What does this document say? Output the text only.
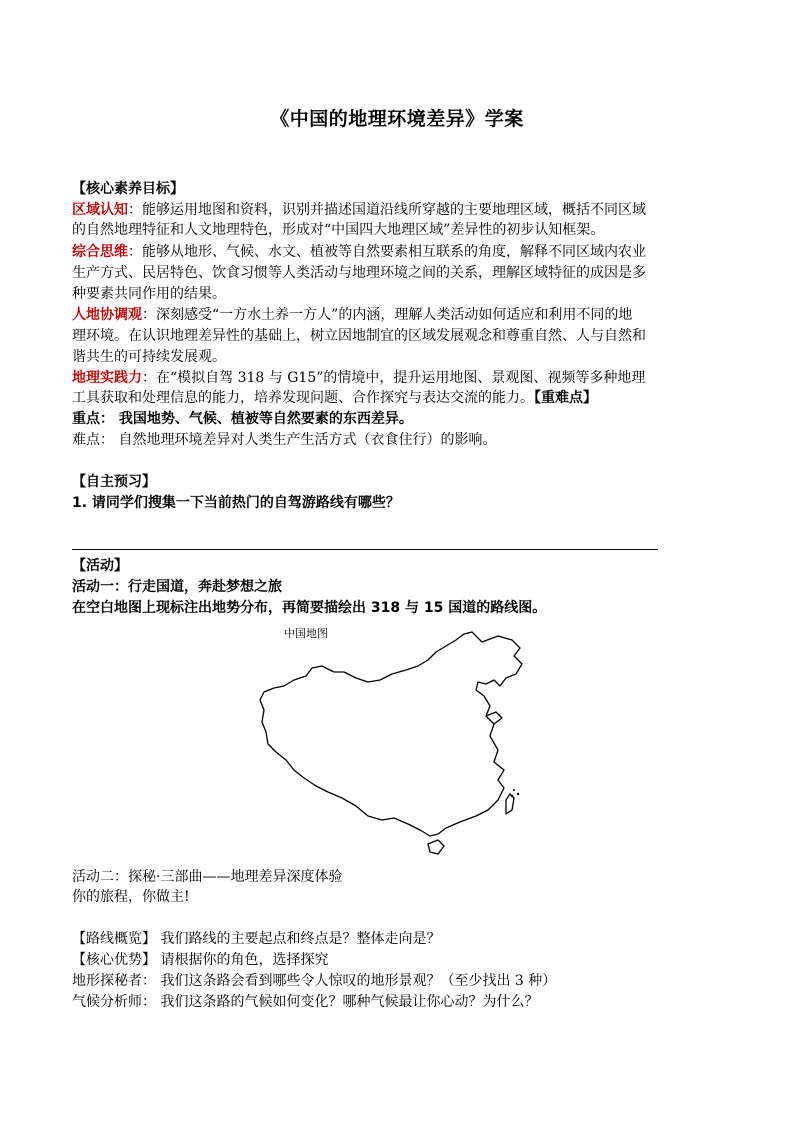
《中国的地理环境差异》学案
【核心素养目标】
区域认知：能够运用地图和资料，识别并描述国道沿线所穿越的主要地理区域，概括不同区域
的自然地理特征和人文地理特色，形成对“中国四大地理区域”差异性的初步认知框架。
综合思维：能够从地形、气候、水文、植被等自然要素相互联系的角度，解释不同区域内农业
生产方式、民居特色、饮食习惯等人类活动与地理环境之间的关系，理解区域特征的成因是多
种要素共同作用的结果。
人地协调观：深刻感受“一方水土养一方人”的内涵，理解人类活动如何适应和利用不同的地
理环境。在认识地理差异性的基础上，树立因地制宜的区域发展观念和尊重自然、人与自然和
谐共生的可持续发展观。
地理实践力：在“模拟自驾 318 与 G15”的情境中，提升运用地图、景观图、视频等多种地理
工具获取和处理信息的能力，培养发现问题、合作探究与表达交流的能力。【重难点】
重点： 我国地势、气候、植被等自然要素的东西差异。
难点： 自然地理环境差异对人类生产生活方式（衣食住行）的影响。
【自主预习】
1. 请同学们搜集一下当前热门的自驾游路线有哪些？
【活动】
活动一：行走国道，奔赴梦想之旅
在空白地图上现标注出地势分布，再简要描绘出 318 与 15 国道的路线图。
中国地图
活动二：探秘·三部曲——地理差异深度体验
你的旅程，你做主!
【路线概览】 我们路线的主要起点和终点是？整体走向是？
【核心优势】 请根据你的角色，选择探究
地形探秘者： 我们这条路会看到哪些令人惊叹的地形景观？（至少找出 3 种）
气候分析师： 我们这条路的气候如何变化？哪种气候最让你心动？为什么？
